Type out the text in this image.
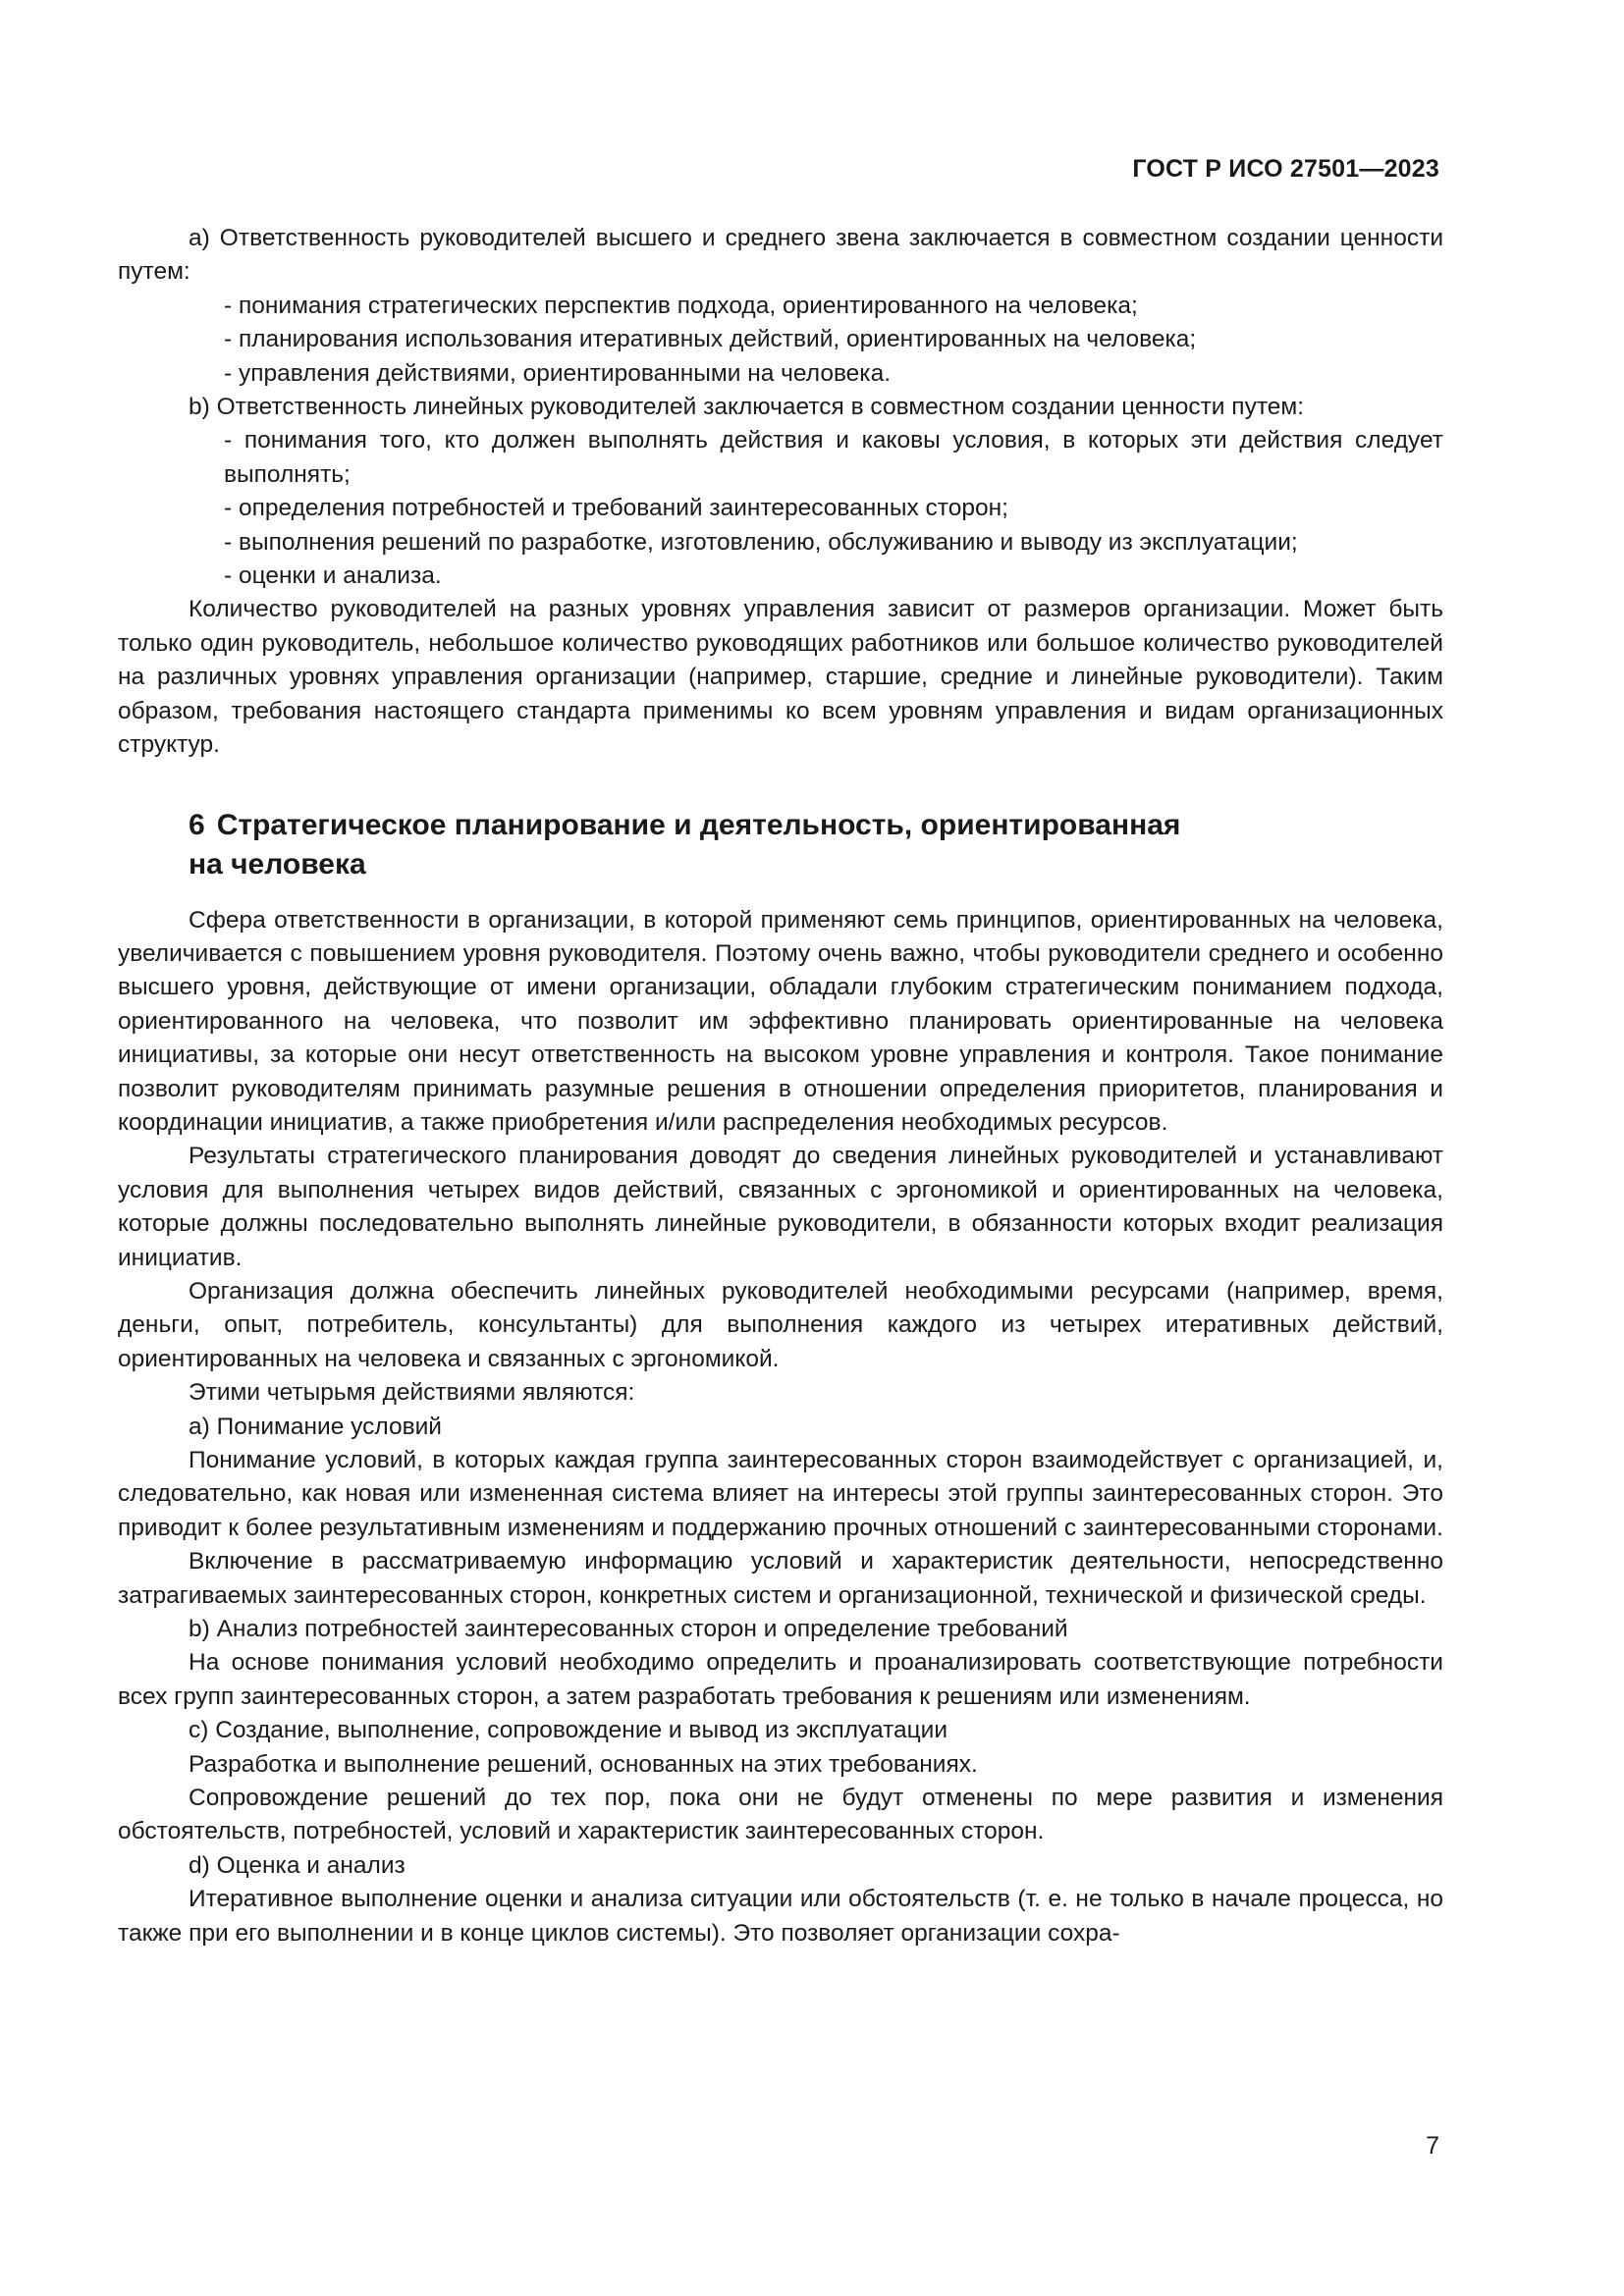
ГОСТ Р ИСО 27501—2023

a) Ответственность руководителей высшего и среднего звена заключается в совместном создании ценности путем:

- понимания стратегических перспектив подхода, ориентированного на человека;

- планирования использования итеративных действий, ориентированных на человека;

- управления действиями, ориентированными на человека.

b) Ответственность линейных руководителей заключается в совместном создании ценности путем:

- понимания того, кто должен выполнять действия и каковы условия, в которых эти действия следует выполнять;

- определения потребностей и требований заинтересованных сторон;

- выполнения решений по разработке, изготовлению, обслуживанию и выводу из эксплуатации;

- оценки и анализа.

Количество руководителей на разных уровнях управления зависит от размеров организации. Может быть только один руководитель, небольшое количество руководящих работников или большое количество руководителей на различных уровнях управления организации (например, старшие, средние и линейные руководители). Таким образом, требования настоящего стандарта применимы ко всем уровням управления и видам организационных структур.

6 Стратегическое планирование и деятельность, ориентированная
на человека

Сфера ответственности в организации, в которой применяют семь принципов, ориентированных на человека, увеличивается с повышением уровня руководителя. Поэтому очень важно, чтобы руководители среднего и особенно высшего уровня, действующие от имени организации, обладали глубоким стратегическим пониманием подхода, ориентированного на человека, что позволит им эффективно планировать ориентированные на человека инициативы, за которые они несут ответственность на высоком уровне управления и контроля. Такое понимание позволит руководителям принимать разумные решения в отношении определения приоритетов, планирования и координации инициатив, а также приобретения и/или распределения необходимых ресурсов.

Результаты стратегического планирования доводят до сведения линейных руководителей и устанавливают условия для выполнения четырех видов действий, связанных с эргономикой и ориентированных на человека, которые должны последовательно выполнять линейные руководители, в обязанности которых входит реализация инициатив.

Организация должна обеспечить линейных руководителей необходимыми ресурсами (например, время, деньги, опыт, потребитель, консультанты) для выполнения каждого из четырех итеративных действий, ориентированных на человека и связанных с эргономикой.

Этими четырьмя действиями являются:

a) Понимание условий

Понимание условий, в которых каждая группа заинтересованных сторон взаимодействует с организацией, и, следовательно, как новая или измененная система влияет на интересы этой группы заинтересованных сторон. Это приводит к более результативным изменениям и поддержанию прочных отношений с заинтересованными сторонами.

Включение в рассматриваемую информацию условий и характеристик деятельности, непосредственно затрагиваемых заинтересованных сторон, конкретных систем и организационной, технической и физической среды.

b) Анализ потребностей заинтересованных сторон и определение требований

На основе понимания условий необходимо определить и проанализировать соответствующие потребности всех групп заинтересованных сторон, а затем разработать требования к решениям или изменениям.

c) Создание, выполнение, сопровождение и вывод из эксплуатации

Разработка и выполнение решений, основанных на этих требованиях.

Сопровождение решений до тех пор, пока они не будут отменены по мере развития и изменения обстоятельств, потребностей, условий и характеристик заинтересованных сторон.

d) Оценка и анализ

Итеративное выполнение оценки и анализа ситуации или обстоятельств (т. е. не только в начале процесса, но также при его выполнении и в конце циклов системы). Это позволяет организации сохра-

7
